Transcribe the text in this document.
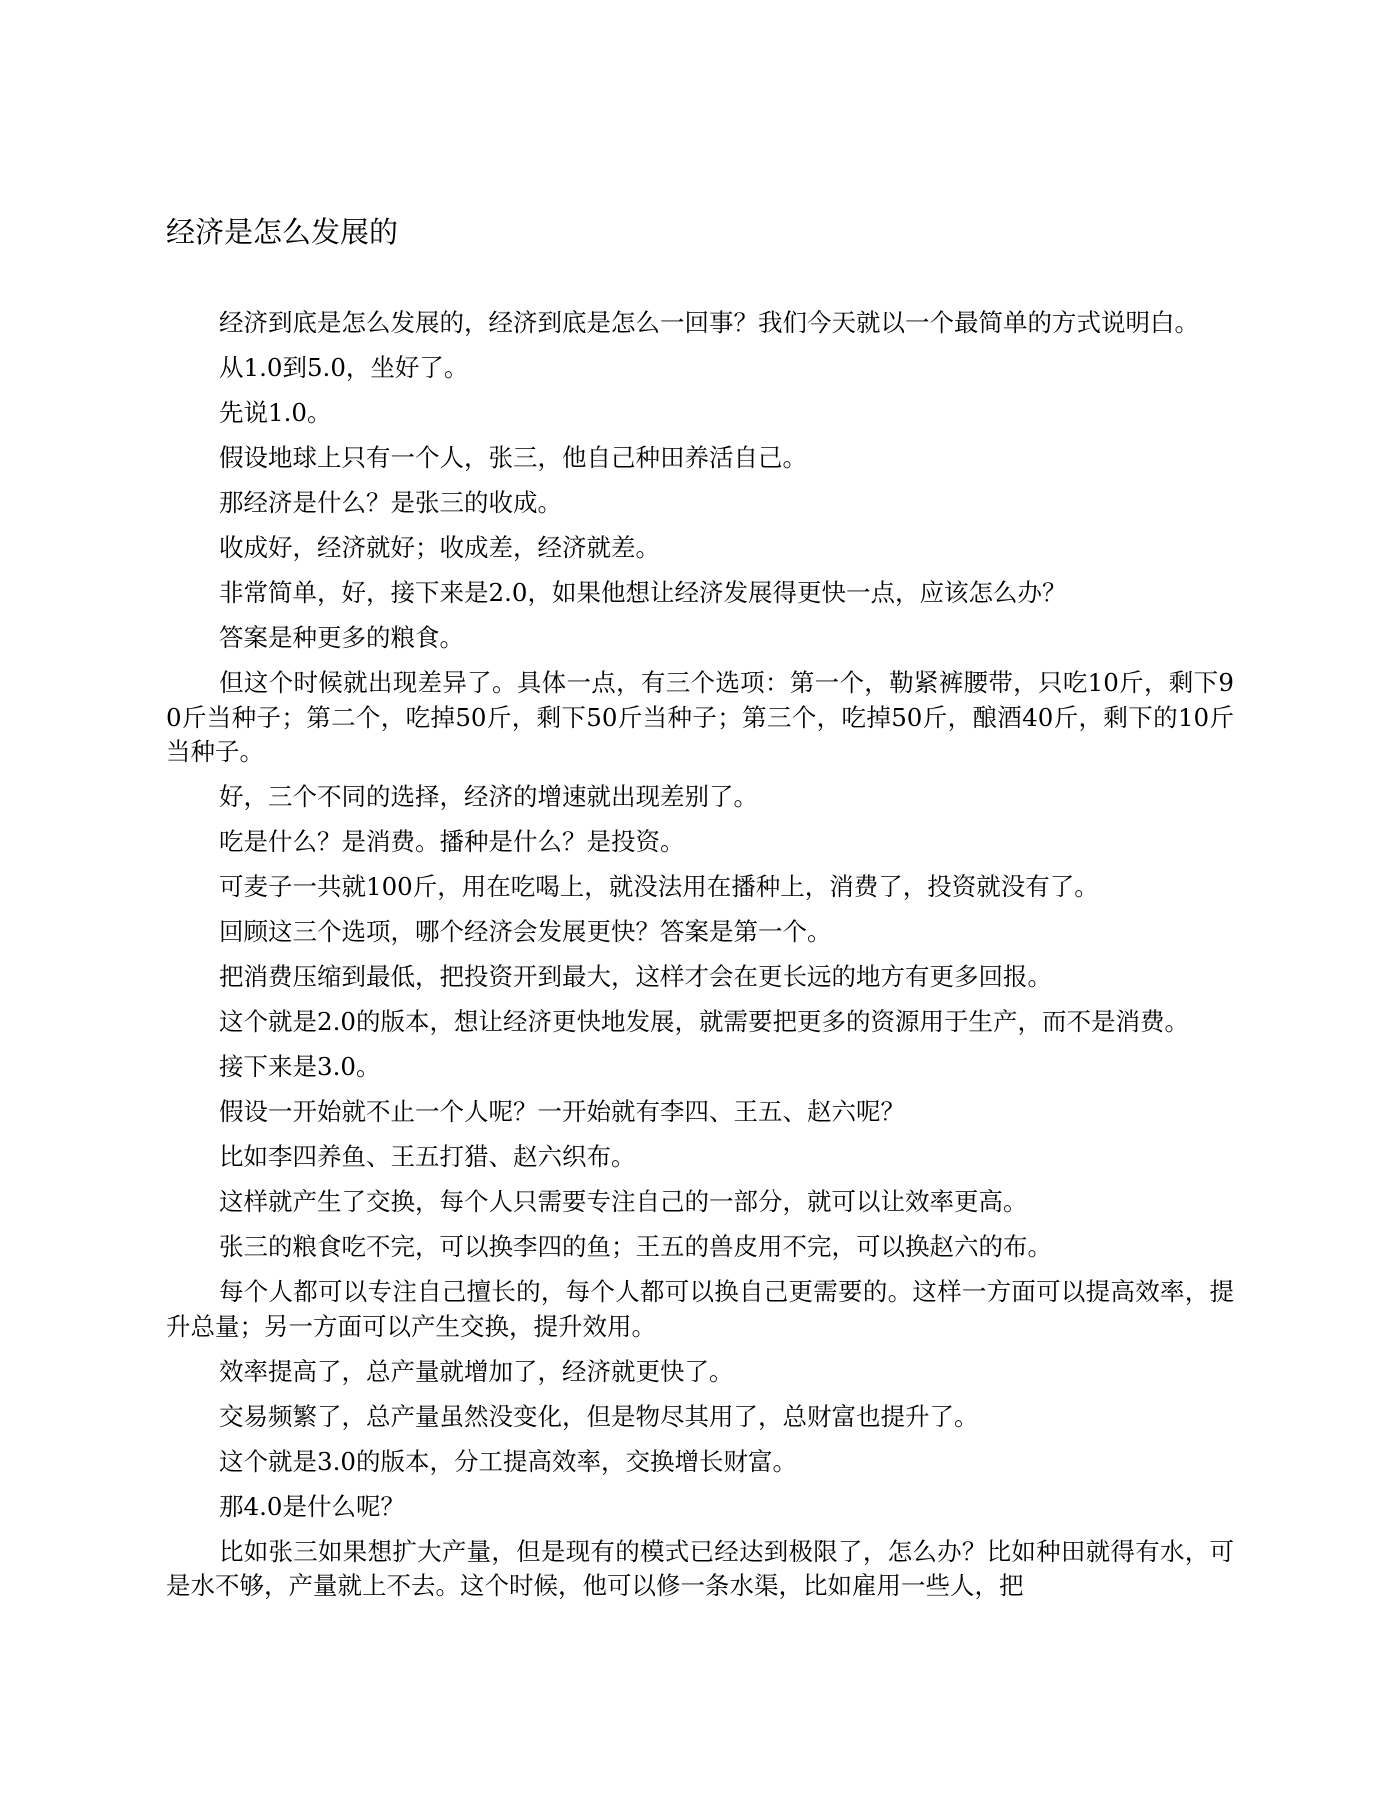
经济是怎么发展的

经济到底是怎么发展的，经济到底是怎么一回事？我们今天就以一个最简单的方式说明白。

从1.0到5.0，坐好了。

先说1.0。

假设地球上只有一个人，张三，他自己种田养活自己。

那经济是什么？是张三的收成。

收成好，经济就好；收成差，经济就差。

非常简单，好，接下来是2.0，如果他想让经济发展得更快一点，应该怎么办？

答案是种更多的粮食。

但这个时候就出现差异了。具体一点，有三个选项：第一个，勒紧裤腰带，只吃10斤，剩下90斤当种子；第二个，吃掉50斤，剩下50斤当种子；第三个，吃掉50斤，酿酒40斤，剩下的10斤当种子。

好，三个不同的选择，经济的增速就出现差别了。

吃是什么？是消费。播种是什么？是投资。

可麦子一共就100斤，用在吃喝上，就没法用在播种上，消费了，投资就没有了。

回顾这三个选项，哪个经济会发展更快？答案是第一个。

把消费压缩到最低，把投资开到最大，这样才会在更长远的地方有更多回报。

这个就是2.0的版本，想让经济更快地发展，就需要把更多的资源用于生产，而不是消费。

接下来是3.0。

假设一开始就不止一个人呢？一开始就有李四、王五、赵六呢？

比如李四养鱼、王五打猎、赵六织布。

这样就产生了交换，每个人只需要专注自己的一部分，就可以让效率更高。

张三的粮食吃不完，可以换李四的鱼；王五的兽皮用不完，可以换赵六的布。

每个人都可以专注自己擅长的，每个人都可以换自己更需要的。这样一方面可以提高效率，提升总量；另一方面可以产生交换，提升效用。

效率提高了，总产量就增加了，经济就更快了。

交易频繁了，总产量虽然没变化，但是物尽其用了，总财富也提升了。

这个就是3.0的版本，分工提高效率，交换增长财富。

那4.0是什么呢？

比如张三如果想扩大产量，但是现有的模式已经达到极限了，怎么办？比如种田就得有水，可是水不够，产量就上不去。这个时候，他可以修一条水渠，比如雇用一些人，把
